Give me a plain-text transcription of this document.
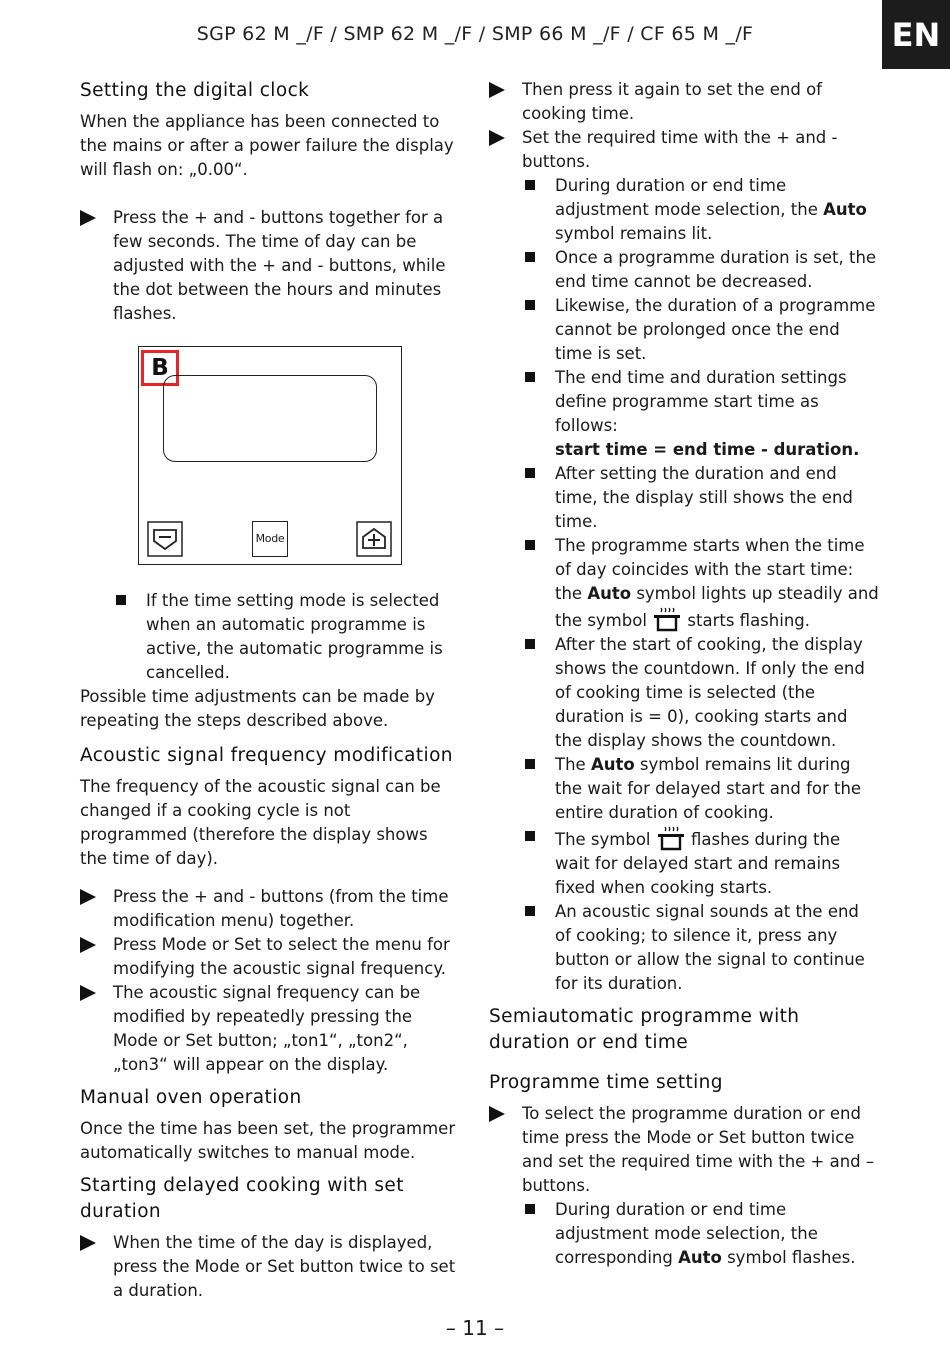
SGP 62 M _/F / SMP 62 M _/F / SMP 66 M _/F / CF 65 M _/F	EN
Setting the digital clock

When the appliance has been connected to the mains or after a power failure the display will flash on: „0.00“.

Press the + and - buttons together for a few seconds. The time of day can be adjusted with the + and - buttons, while the dot between the hours and minutes flashes.
B
Mode
If the time setting mode is selected when an automatic programme is active, the automatic programme is cancelled.

Possible time adjustments can be made by repeating the steps described above.

Acoustic signal frequency modification

The frequency of the acoustic signal can be changed if a cooking cycle is not programmed (therefore the display shows the time of day).

Press the + and - buttons (from the time modification menu) together.
Press Mode or Set to select the menu for modifying the acoustic signal frequency.
The acoustic signal frequency can be modified by repeatedly pressing the Mode or Set button; „ton1“, „ton2“, „ton3“ will appear on the display.
Manual oven operation

Once the time has been set, the programmer automatically switches to manual mode.

Starting delayed cooking with set duration
When the time of the day is displayed, press the Mode or Set button twice to set a duration.
Then press it again to set the end of cooking time.
Set the required time with the + and - buttons.
During duration or end time adjustment mode selection, the Auto symbol remains lit.
Once a programme duration is set, the end time cannot be decreased.
Likewise, the duration of a programme cannot be prolonged once the end time is set.
The end time and duration settings define programme start time as follows:
start time = end time - duration.
After setting the duration and end time, the display still shows the end time.
The programme starts when the time of day coincides with the start time: the Auto symbol lights up steadily and the symbol  starts flashing.
After the start of cooking, the display shows the countdown. If only the end of cooking time is selected (the duration is = 0), cooking starts and the display shows the countdown.
The Auto symbol remains lit during the wait for delayed start and for the entire duration of cooking.
The symbol  flashes during the wait for delayed start and remains fixed when cooking starts.
An acoustic signal sounds at the end of cooking; to silence it, press any button or allow the signal to continue for its duration.
Semiautomatic programme with duration or end time
Programme time setting
To select the programme duration or end time press the Mode or Set button twice and set the required time with the + and – buttons.
During duration or end time adjustment mode selection, the corresponding Auto symbol flashes.
– 11 –
